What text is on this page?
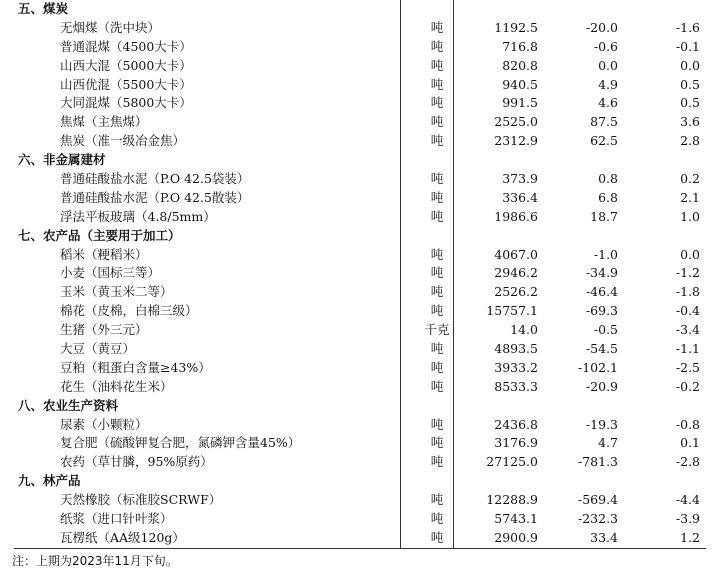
五、煤炭
无烟煤（洗中块）	吨	1192.5	-20.0	-1.6
普通混煤（4500大卡）	吨	716.8	-0.6	-0.1
山西大混（5000大卡）	吨	820.8	0.0	0.0
山西优混（5500大卡）	吨	940.5	4.9	0.5
大同混煤（5800大卡）	吨	991.5	4.6	0.5
焦煤（主焦煤）	吨	2525.0	87.5	3.6
焦炭（准一级冶金焦）	吨	2312.9	62.5	2.8
六、非金属建材
普通硅酸盐水泥（P.O 42.5袋装）	吨	373.9	0.8	0.2
普通硅酸盐水泥（P.O 42.5散装）	吨	336.4	6.8	2.1
浮法平板玻璃（4.8/5mm）	吨	1986.6	18.7	1.0
七、农产品（主要用于加工）
稻米（粳稻米）	吨	4067.0	-1.0	0.0
小麦（国标三等）	吨	2946.2	-34.9	-1.2
玉米（黄玉米二等）	吨	2526.2	-46.4	-1.8
棉花（皮棉，白棉三级）	吨	15757.1	-69.3	-0.4
生猪（外三元）	千克	14.0	-0.5	-3.4
大豆（黄豆）	吨	4893.5	-54.5	-1.1
豆粕（粗蛋白含量≥43%）	吨	3933.2	-102.1	-2.5
花生（油料花生米）	吨	8533.3	-20.9	-0.2
八、农业生产资料
尿素（小颗粒）	吨	2436.8	-19.3	-0.8
复合肥（硫酸钾复合肥，氮磷钾含量45%）	吨	3176.9	4.7	0.1
农药（草甘膦，95%原药）	吨	27125.0	-781.3	-2.8
九、林产品
天然橡胶（标准胶SCRWF）	吨	12288.9	-569.4	-4.4
纸浆（进口针叶浆）	吨	5743.1	-232.3	-3.9
瓦楞纸（AA级120g）	吨	2900.9	33.4	1.2
注：上期为2023年11月下旬。
